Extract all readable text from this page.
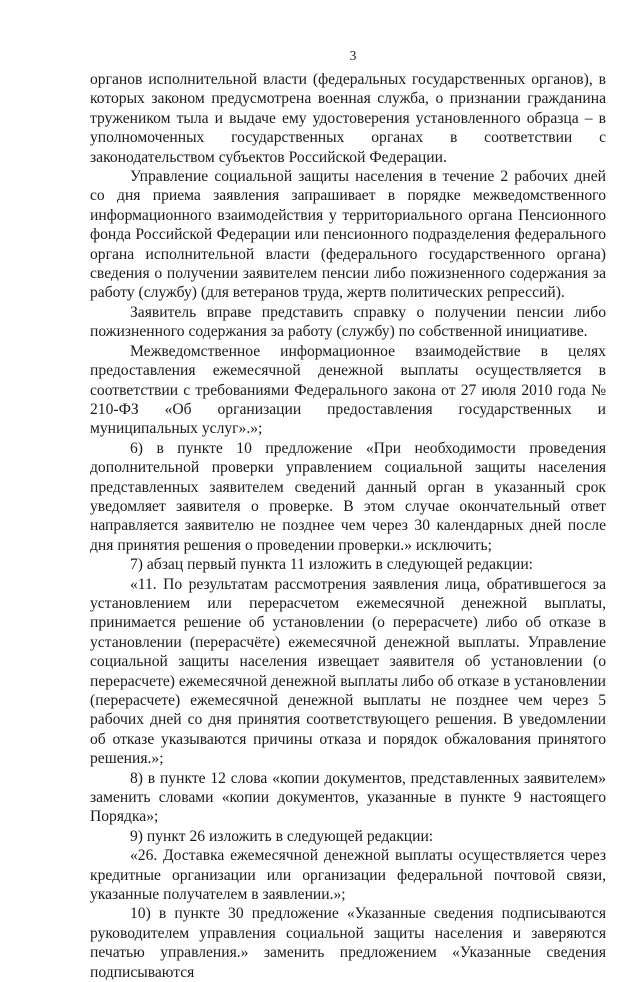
3

органов исполнительной власти (федеральных государственных органов), в которых законом предусмотрена военная служба, о признании гражданина тружеником тыла и выдаче ему удостоверения установленного образца – в уполномоченных государственных органах в соответствии с законодательством субъектов Российской Федерации.

Управление социальной защиты населения в течение 2 рабочих дней со дня приема заявления запрашивает в порядке межведомственного информационного взаимодействия у территориального органа Пенсионного фонда Российской Федерации или пенсионного подразделения федерального органа исполнительной власти (федерального государственного органа) сведения о получении заявителем пенсии либо пожизненного содержания за работу (службу) (для ветеранов труда, жертв политических репрессий).

Заявитель вправе представить справку о получении пенсии либо пожизненного содержания за работу (службу) по собственной инициативе.

Межведомственное информационное взаимодействие в целях предоставления ежемесячной денежной выплаты осуществляется в соответствии с требованиями Федерального закона от 27 июля 2010 года № 210-ФЗ «Об организации предоставления государственных и муниципальных услуг».»;

6) в пункте 10 предложение «При необходимости проведения дополнительной проверки управлением социальной защиты населения представленных заявителем сведений данный орган в указанный срок уведомляет заявителя о проверке. В этом случае окончательный ответ направляется заявителю не позднее чем через 30 календарных дней после дня принятия решения о проведении проверки.» исключить;

7) абзац первый пункта 11 изложить в следующей редакции:

«11. По результатам рассмотрения заявления лица, обратившегося за установлением или перерасчетом ежемесячной денежной выплаты, принимается решение об установлении (о перерасчете) либо об отказе в установлении (перерасчёте) ежемесячной денежной выплаты. Управление социальной защиты населения извещает заявителя об установлении (о перерасчете) ежемесячной денежной выплаты либо об отказе в установлении (перерасчете) ежемесячной денежной выплаты не позднее чем через 5 рабочих дней со дня принятия соответствующего решения. В уведомлении об отказе указываются причины отказа и порядок обжалования принятого решения.»;

8) в пункте 12 слова «копии документов, представленных заявителем» заменить словами «копии документов, указанные в пункте 9 настоящего Порядка»;

9) пункт 26 изложить в следующей редакции:

«26. Доставка ежемесячной денежной выплаты осуществляется через кредитные организации или организации федеральной почтовой связи, указанные получателем в заявлении.»;

10) в пункте 30 предложение «Указанные сведения подписываются руководителем управления социальной защиты населения и заверяются печатью управления.» заменить предложением «Указанные сведения подписываются
